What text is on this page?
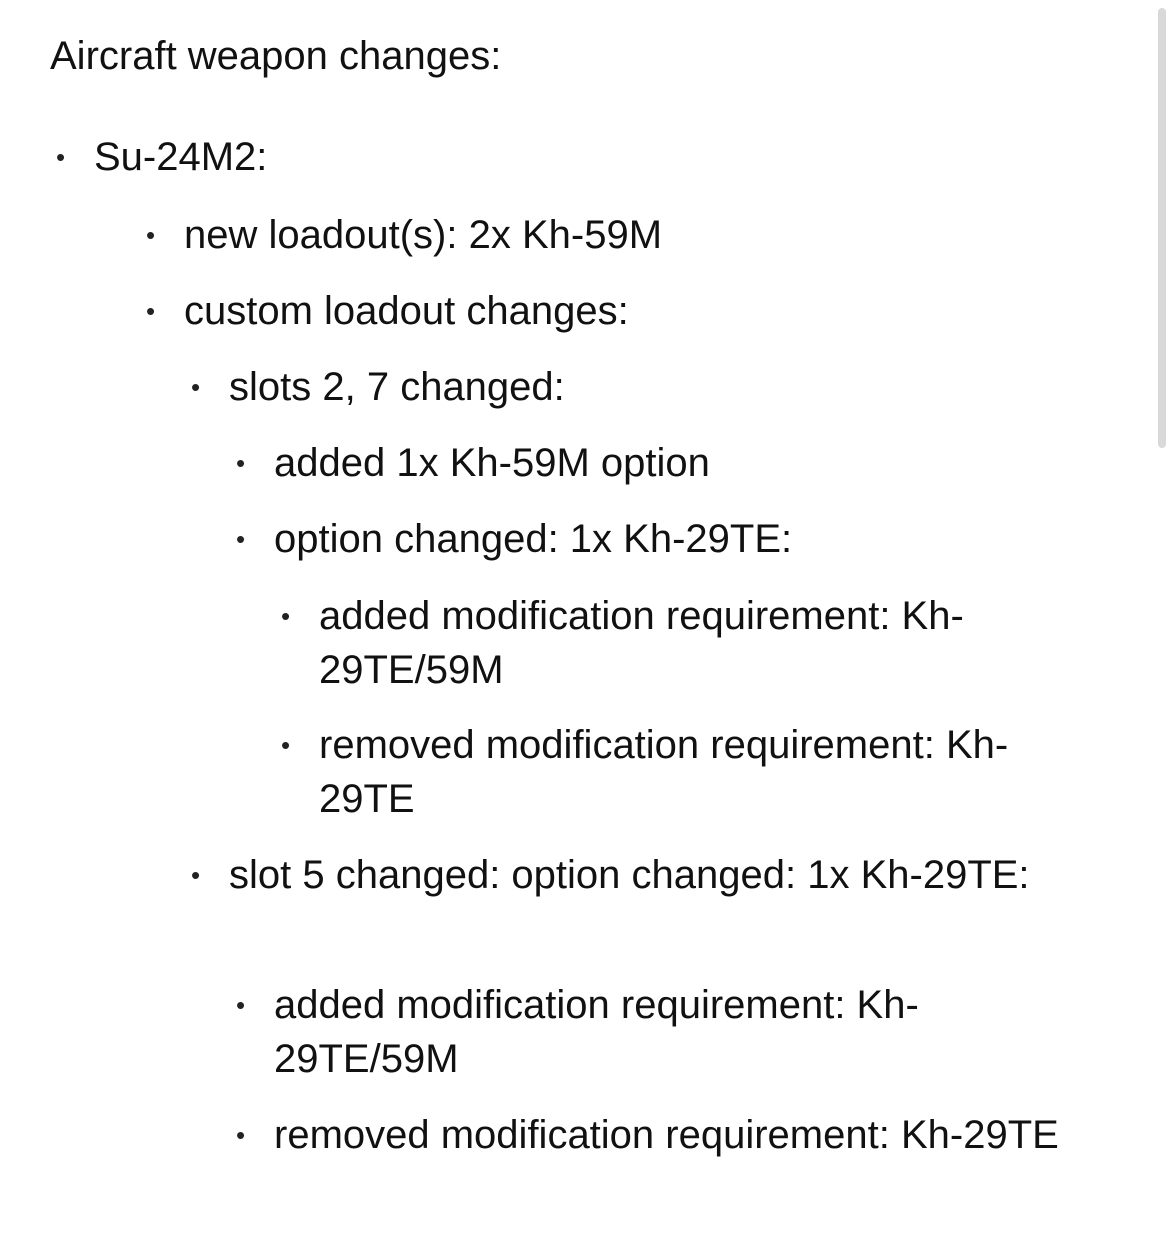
Aircraft weapon changes:
• Su-24M2:
• new loadout(s): 2x Kh-59M
• custom loadout changes:
• slots 2, 7 changed:
• added 1x Kh-59M option
• option changed: 1x Kh-29TE:
• added modification requirement: Kh-29TE/59M
• removed modification requirement: Kh-29TE
• slot 5 changed: option changed: 1x Kh-29TE:
• added modification requirement: Kh-29TE/59M
• removed modification requirement: Kh-29TE
